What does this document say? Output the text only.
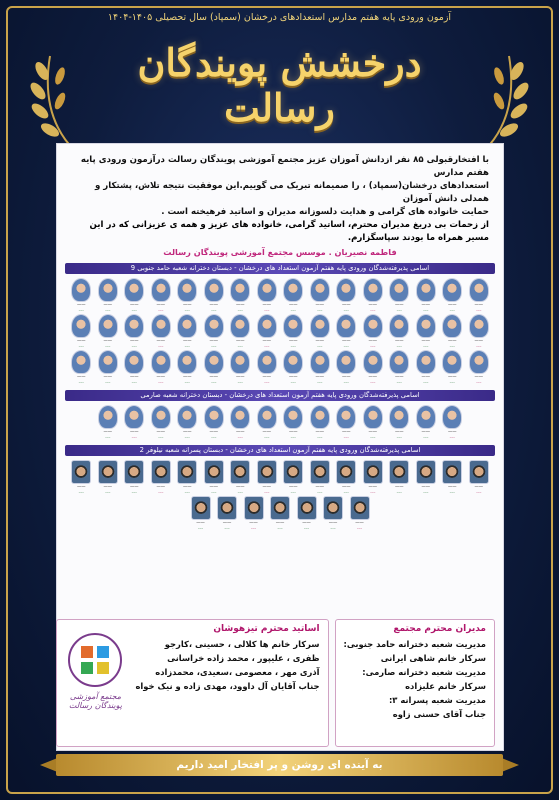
آزمون ورودی پایه هفتم مدارس استعدادهای درخشان (سمپاد) سال تحصیلی ۱۴۰۵-۱۴۰۴
درخشش پویندگان رسالت
با افتخارقبولی ۸۵ نفر ازدانش آموزان عزیز مجتمع آموزشی پویندگان رسالت درآزمون ورودی پایه هفتم مدارس
استعدادهای درخشان(سمپاد) ، را صمیمانه تبریک می گوییم.این موفقیت نتیجه تلاش، پشتکار و همدلی دانش آموزان
حمایت خانواده های گرامی و هدایت دلسوزانه مدیران و اساتید فرهیخته است .
از زحمات بی دریغ مدیران محترم، اساتید گرامی، خانواده های عزیز و همه ی عزیزانی که در این مسیر همراه ما بودند سپاسگزارم.
فاطمه نصیریان . موسس مجتمع آموزشی پویندگان رسالت
اسامی پذیرفته‌شدگان ورودی پایه هفتم آزمون استعداد های درخشان - دبستان دخترانه شعبه حامد جنوبی 9
——
–––
——
–––
——
–––
——
–––
——
–––
——
–––
——
–––
——
–––
——
–––
——
–––
——
–––
——
–––
——
–––
——
–––
——
–––
——
–––
——
–––
——
–––
——
–––
——
–––
——
–––
——
–––
——
–––
——
–––
——
–––
——
–––
——
–––
——
–––
——
–––
——
–––
——
–––
——
–––
——
–––
——
–––
——
–––
——
–––
——
–––
——
–––
——
–––
——
–––
——
–––
——
–––
——
–––
——
–––
——
–––
——
–––
——
–––
——
–––
اسامی پذیرفته‌شدگان ورودی پایه هفتم آزمون استعداد های درخشان - دبستان دخترانه شعبه صارمی
——
–––
——
–––
——
–––
——
–––
——
–––
——
–––
——
–––
——
–––
——
–––
——
–––
——
–––
——
–––
——
–––
——
–––
اسامی پذیرفته‌شدگان ورودی پایه هفتم آزمون استعداد های درخشان - دبستان پسرانه شعبه نیلوفر 2
——
–––
——
–––
——
–––
——
–––
——
–––
——
–––
——
–––
——
–––
——
–––
——
–––
——
–––
——
–––
——
–––
——
–––
——
–––
——
–––
——
–––
——
–––
——
–––
——
–––
——
–––
——
–––
——
–––
مدیران محترم مجتمع
مدیریت شعبه دخترانه حامد جنوبی:
سرکار خانم شاهی ایرانی
مدیریت شعبه دخترانه صارمی:
سرکار خانم علیزاده
مدیریت شعبه پسرانه ۳:
جناب آقای حسنی زاوه
اساتید محترم تیزهوشان
سرکار خانم ها کلالی ، حسینی ،کارجو
ظفری ، علیپور ، محمد زاده خراسانی
آذری مهر ، معصومی ،سعیدی، محمدزاده
جناب آقایان آل داوود، مهدی زاده و نیک خواه
مجتمع آموزشی پویندگان رسالت
به آینده ای روشن و پر افتخار امید داریم
